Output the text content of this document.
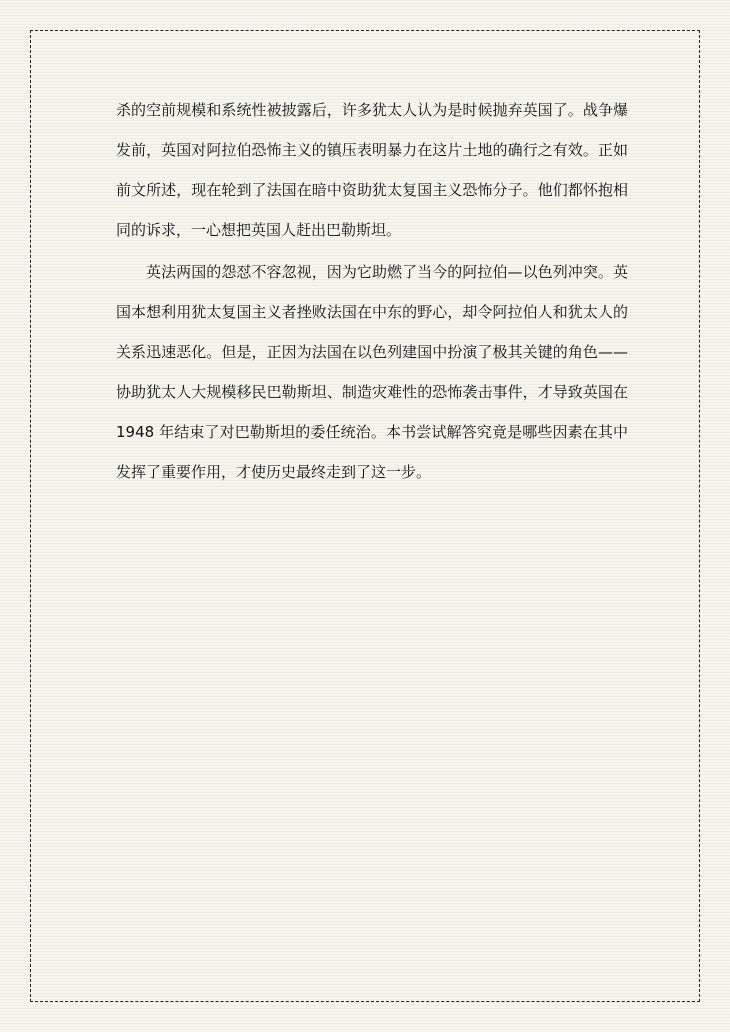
杀的空前规模和系统性被披露后，许多犹太人认为是时候抛弃英国了。战争爆
发前，英国对阿拉伯恐怖主义的镇压表明暴力在这片土地的确行之有效。正如
前文所述，现在轮到了法国在暗中资助犹太复国主义恐怖分子。他们都怀抱相
同的诉求，一心想把英国人赶出巴勒斯坦。
英法两国的怨怼不容忽视，因为它助燃了当今的阿拉伯—以色列冲突。英
国本想利用犹太复国主义者挫败法国在中东的野心，却令阿拉伯人和犹太人的
关系迅速恶化。但是，正因为法国在以色列建国中扮演了极其关键的角色——
协助犹太人大规模移民巴勒斯坦、制造灾难性的恐怖袭击事件，才导致英国在
1948 年结束了对巴勒斯坦的委任统治。本书尝试解答究竟是哪些因素在其中
发挥了重要作用，才使历史最终走到了这一步。
